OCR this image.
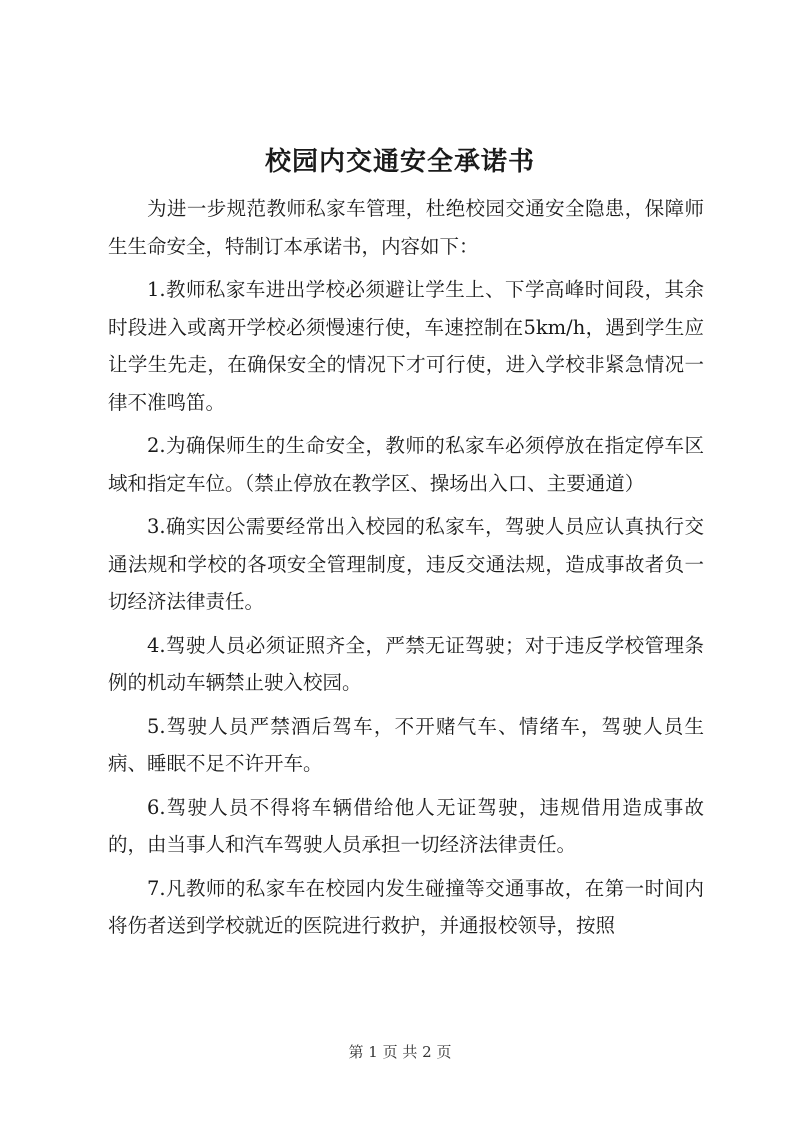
校园内交通安全承诺书

为进一步规范教师私家车管理，杜绝校园交通安全隐患，保障师生生命安全，特制订本承诺书，内容如下：

1.教师私家车进出学校必须避让学生上、下学高峰时间段，其余时段进入或离开学校必须慢速行使，车速控制在5km/h，遇到学生应让学生先走，在确保安全的情况下才可行使，进入学校非紧急情况一律不准鸣笛。

2.为确保师生的生命安全，教师的私家车必须停放在指定停车区域和指定车位。（禁止停放在教学区、操场出入口、主要通道）

3.确实因公需要经常出入校园的私家车，驾驶人员应认真执行交通法规和学校的各项安全管理制度，违反交通法规，造成事故者负一切经济法律责任。

4.驾驶人员必须证照齐全，严禁无证驾驶；对于违反学校管理条例的机动车辆禁止驶入校园。

5.驾驶人员严禁酒后驾车，不开赌气车、情绪车，驾驶人员生病、睡眠不足不许开车。

6.驾驶人员不得将车辆借给他人无证驾驶，违规借用造成事故的，由当事人和汽车驾驶人员承担一切经济法律责任。

7.凡教师的私家车在校园内发生碰撞等交通事故，在第一时间内将伤者送到学校就近的医院进行救护，并通报校领导，按照

第 1 页 共 2 页
